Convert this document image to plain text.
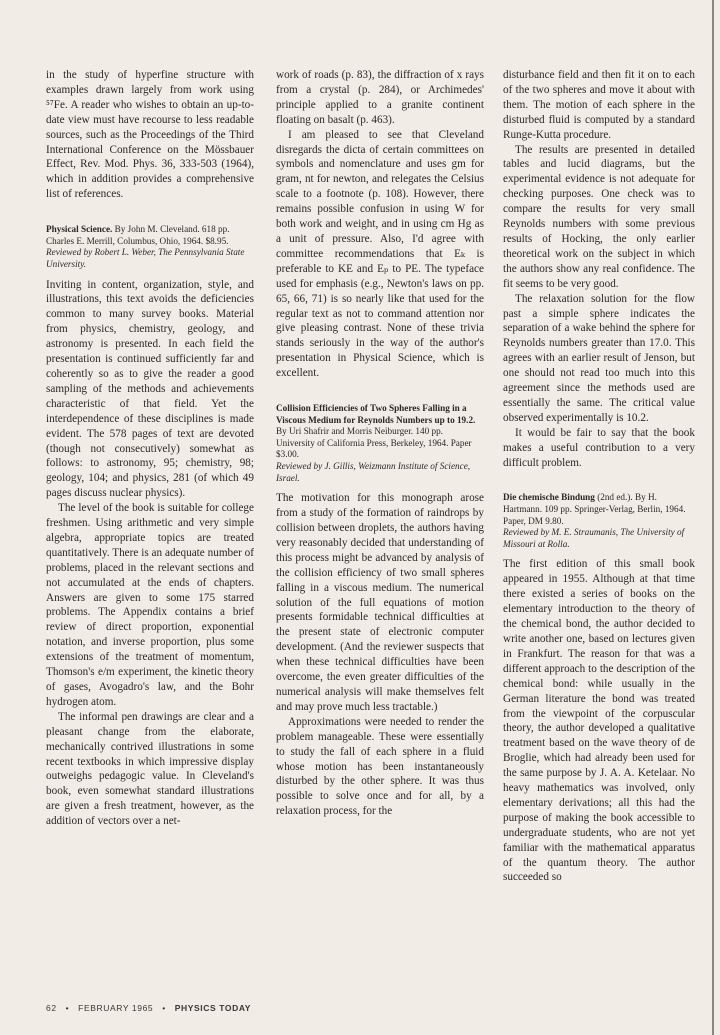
in the study of hyperfine structure with examples drawn largely from work using ⁵⁷Fe. A reader who wishes to obtain an up-to-date view must have recourse to less readable sources, such as the Proceedings of the Third International Conference on the Mössbauer Effect, Rev. Mod. Phys. 36, 333-503 (1964), which in addition provides a comprehensive list of references.

Physical Science. By John M. Cleveland. 618 pp. Charles E. Merrill, Columbus, Ohio, 1964. $8.95.
Reviewed by Robert L. Weber, The Pennsylvania State University.

Inviting in content, organization, style, and illustrations, this text avoids the deficiencies common to many survey books. Material from physics, chemistry, geology, and astronomy is presented. In each field the presentation is continued sufficiently far and coherently so as to give the reader a good sampling of the methods and achievements characteristic of that field. Yet the interdependence of these disciplines is made evident. The 578 pages of text are devoted (though not consecutively) somewhat as follows: to astronomy, 95; chemistry, 98; geology, 104; and physics, 281 (of which 49 pages discuss nuclear physics).

The level of the book is suitable for college freshmen. Using arithmetic and very simple algebra, appropriate topics are treated quantitatively. There is an adequate number of problems, placed in the relevant sections and not accumulated at the ends of chapters. Answers are given to some 175 starred problems. The Appendix contains a brief review of direct proportion, exponential notation, and inverse proportion, plus some extensions of the treatment of momentum, Thomson's e/m experiment, the kinetic theory of gases, Avogadro's law, and the Bohr hydrogen atom.

The informal pen drawings are clear and a pleasant change from the elaborate, mechanically contrived illustrations in some recent textbooks in which impressive display outweighs pedagogic value. In Cleveland's book, even somewhat standard illustrations are given a fresh treatment, however, as the addition of vectors over a net-

work of roads (p. 83), the diffraction of x rays from a crystal (p. 284), or Archimedes' principle applied to a granite continent floating on basalt (p. 463).

I am pleased to see that Cleveland disregards the dicta of certain committees on symbols and nomenclature and uses gm for gram, nt for newton, and relegates the Celsius scale to a footnote (p. 108). However, there remains possible confusion in using W for both work and weight, and in using cm Hg as a unit of pressure. Also, I'd agree with committee recommendations that Eₖ is preferable to KE and Eₚ to PE. The typeface used for emphasis (e.g., Newton's laws on pp. 65, 66, 71) is so nearly like that used for the regular text as not to command attention nor give pleasing contrast. None of these trivia stands seriously in the way of the author's presentation in Physical Science, which is excellent.

Collision Efficiencies of Two Spheres Falling in a Viscous Medium for Reynolds Numbers up to 19.2. By Uri Shafrir and Morris Neiburger. 140 pp. University of California Press, Berkeley, 1964. Paper $3.00.
Reviewed by J. Gillis, Weizmann Institute of Science, Israel.

The motivation for this monograph arose from a study of the formation of raindrops by collision between droplets, the authors having very reasonably decided that understanding of this process might be advanced by analysis of the collision efficiency of two small spheres falling in a viscous medium. The numerical solution of the full equations of motion presents formidable technical difficulties at the present state of electronic computer development. (And the reviewer suspects that when these technical difficulties have been overcome, the even greater difficulties of the numerical analysis will make themselves felt and may prove much less tractable.)

Approximations were needed to render the problem manageable. These were essentially to study the fall of each sphere in a fluid whose motion has been instantaneously disturbed by the other sphere. It was thus possible to solve once and for all, by a relaxation process, for the

disturbance field and then fit it on to each of the two spheres and move it about with them. The motion of each sphere in the disturbed fluid is computed by a standard Runge-Kutta procedure.

The results are presented in detailed tables and lucid diagrams, but the experimental evidence is not adequate for checking purposes. One check was to compare the results for very small Reynolds numbers with some previous results of Hocking, the only earlier theoretical work on the subject in which the authors show any real confidence. The fit seems to be very good.

The relaxation solution for the flow past a simple sphere indicates the separation of a wake behind the sphere for Reynolds numbers greater than 17.0. This agrees with an earlier result of Jenson, but one should not read too much into this agreement since the methods used are essentially the same. The critical value observed experimentally is 10.2.

It would be fair to say that the book makes a useful contribution to a very difficult problem.

Die chemische Bindung (2nd ed.). By H. Hartmann. 109 pp. Springer-Verlag, Berlin, 1964. Paper, DM 9.80.
Reviewed by M. E. Straumanis, The University of Missouri at Rolla.

The first edition of this small book appeared in 1955. Although at that time there existed a series of books on the elementary introduction to the theory of the chemical bond, the author decided to write another one, based on lectures given in Frankfurt. The reason for that was a different approach to the description of the chemical bond: while usually in the German literature the bond was treated from the viewpoint of the corpuscular theory, the author developed a qualitative treatment based on the wave theory of de Broglie, which had already been used for the same purpose by J. A. A. Ketelaar. No heavy mathematics was involved, only elementary derivations; all this had the purpose of making the book accessible to undergraduate students, who are not yet familiar with the mathematical apparatus of the quantum theory. The author succeeded so

62 • FEBRUARY 1965 • PHYSICS TODAY
